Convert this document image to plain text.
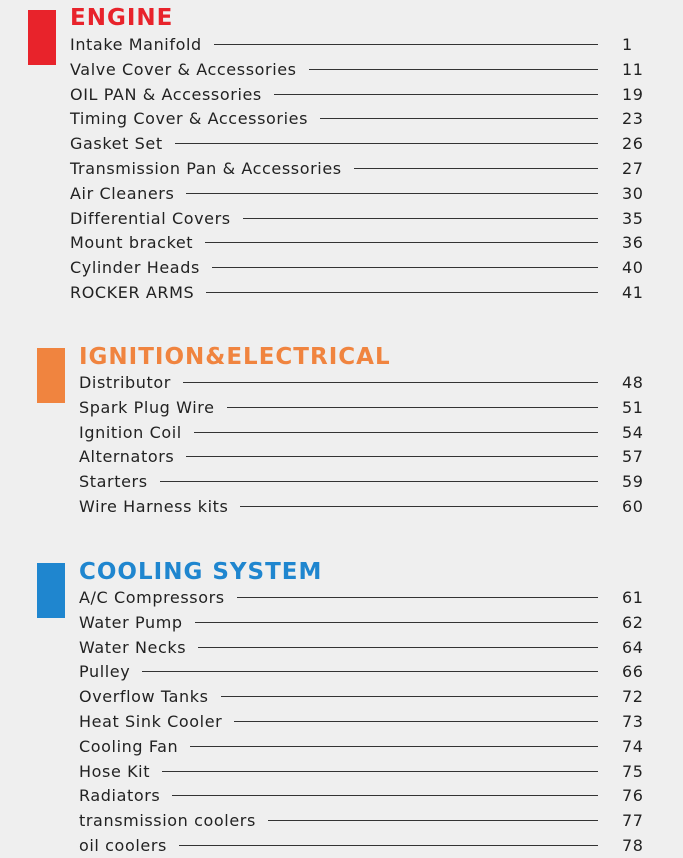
ENGINE
Intake Manifold	1
Valve Cover & Accessories	11
OIL PAN & Accessories	19
Timing Cover & Accessories	23
Gasket Set	26
Transmission Pan & Accessories	27
Air Cleaners	30
Differential Covers	35
Mount bracket	36
Cylinder Heads	40
ROCKER ARMS	41
IGNITION&ELECTRICAL
Distributor	48
Spark Plug Wire	51
Ignition Coil	54
Alternators	57
Starters	59
Wire Harness kits	60
COOLING SYSTEM
A/C Compressors	61
Water Pump	62
Water Necks	64
Pulley	66
Overflow Tanks	72
Heat Sink Cooler	73
Cooling Fan	74
Hose Kit	75
Radiators	76
transmission coolers	77
oil coolers	78
